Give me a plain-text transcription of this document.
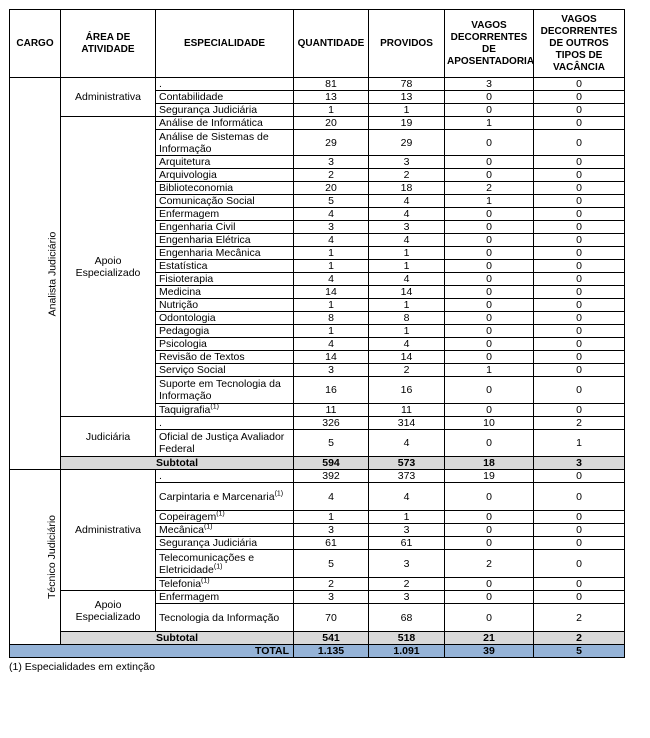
CARGO	ÁREA DE ATIVIDADE	ESPECIALIDADE	QUANTIDADE	PROVIDOS	VAGOS DECORRENTES DE APOSENTADORIA	VAGOS DECORRENTES DE OUTROS TIPOS DE VACÂNCIA
Analista Judiciário	Administrativa	.	81	78	3	0
		Contabilidade	13	13	0	0
		Segurança Judiciária	1	1	0	0
	Apoio Especializado	Análise de Informática	20	19	1	0
		Análise de Sistemas de Informação	29	29	0	0
		Arquitetura	3	3	0	0
		Arquivologia	2	2	0	0
		Biblioteconomia	20	18	2	0
		Comunicação Social	5	4	1	0
		Enfermagem	4	4	0	0
		Engenharia Civil	3	3	0	0
		Engenharia Elétrica	4	4	0	0
		Engenharia Mecânica	1	1	0	0
		Estatística	1	1	0	0
		Fisioterapia	4	4	0	0
		Medicina	14	14	0	0
		Nutrição	1	1	0	0
		Odontologia	8	8	0	0
		Pedagogia	1	1	0	0
		Psicologia	4	4	0	0
		Revisão de Textos	14	14	0	0
		Serviço Social	3	2	1	0
		Suporte em Tecnologia da Informação	16	16	0	0
		Taquigrafia$^{(1)}$	11	11	0	0
	Judiciária	.	326	314	10	2
		Oficial de Justiça Avaliador Federal	5	4	0	1
	Subtotal		594	573	18	3
Técnico Judiciário	Administrativa	.	392	373	19	0
		Carpintaria e Marcenaria$^{(1)}$	4	4	0	0
		Copeiragem$^{(1)}$	1	1	0	0
		Mecânica$^{(1)}$	3	3	0	0
		Segurança Judiciária	61	61	0	0
		Telecomunicações e Eletricidade$^{(1)}$	5	3	2	0
		Telefonia$^{(1)}$	2	2	0	0
	Apoio Especializado	Enfermagem	3	3	0	0
		Tecnologia da Informação	70	68	0	2
	Subtotal		541	518	21	2
TOTAL			1.135	1.091	39	5
(1) Especialidades em extinção
